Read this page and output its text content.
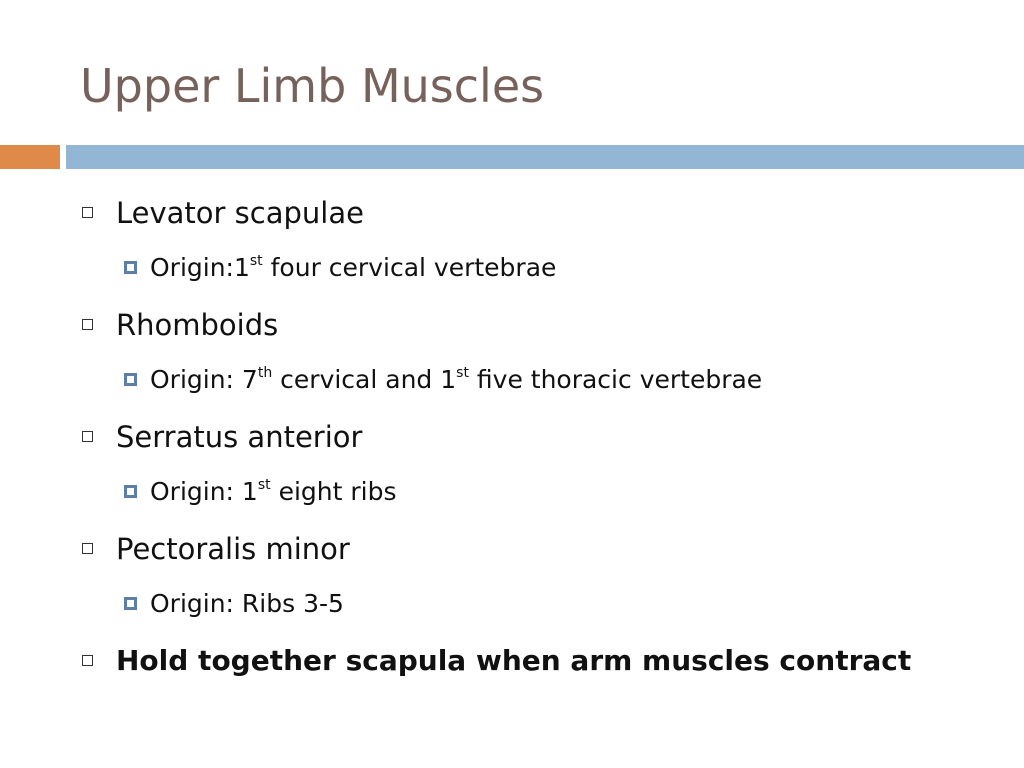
Upper Limb Muscles
Levator scapulae
Origin:1st four cervical vertebrae
Rhomboids
Origin: 7th cervical and 1st five thoracic vertebrae
Serratus anterior
Origin: 1st eight ribs
Pectoralis minor
Origin: Ribs 3-5
Hold together scapula when arm muscles contract
